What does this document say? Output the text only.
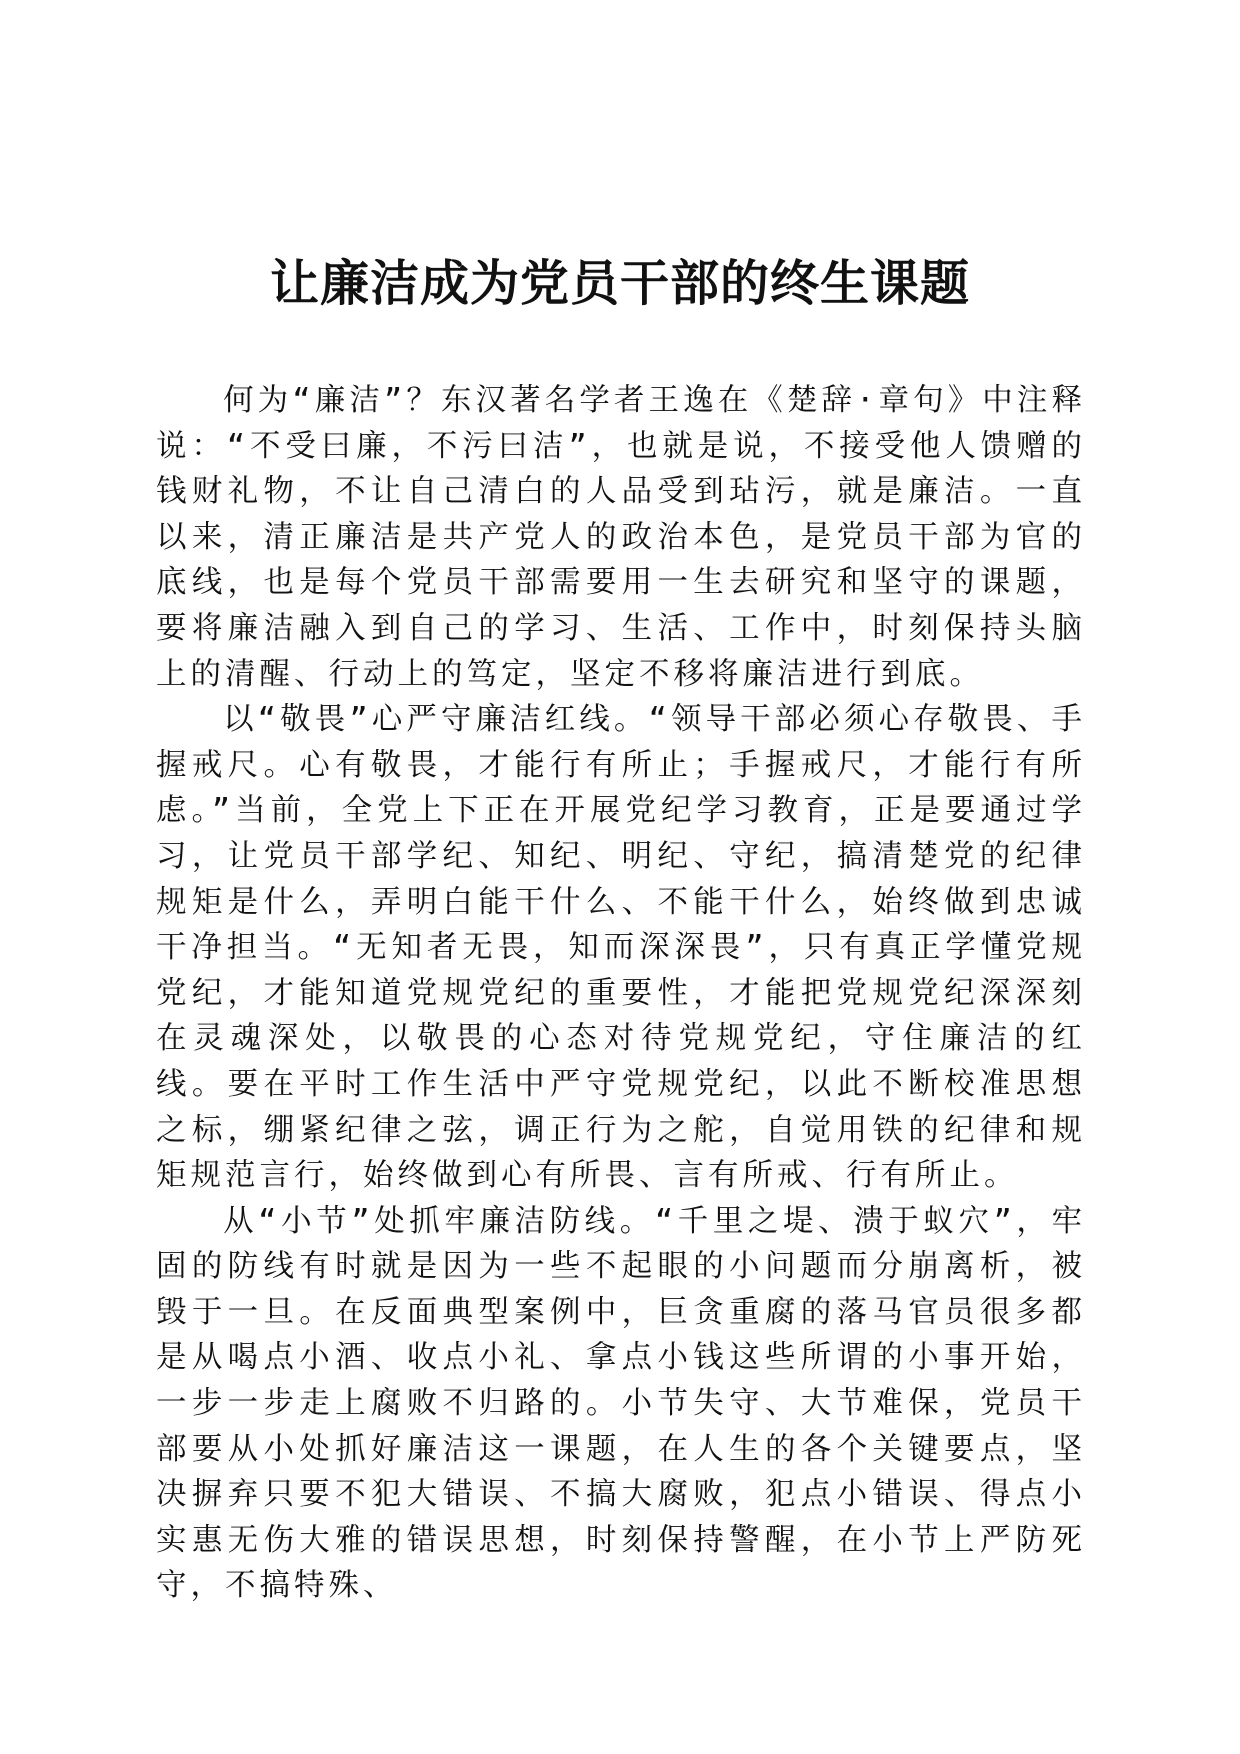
让廉洁成为党员干部的终生课题

何为“廉洁”？东汉著名学者王逸在《楚辞·章句》中注释说：“不受曰廉，不污曰洁”，也就是说，不接受他人馈赠的钱财礼物，不让自己清白的人品受到玷污，就是廉洁。一直以来，清正廉洁是共产党人的政治本色，是党员干部为官的底线，也是每个党员干部需要用一生去研究和坚守的课题，要将廉洁融入到自己的学习、生活、工作中，时刻保持头脑上的清醒、行动上的笃定，坚定不移将廉洁进行到底。

以“敬畏”心严守廉洁红线。“领导干部必须心存敬畏、手握戒尺。心有敬畏，才能行有所止；手握戒尺，才能行有所虑。”当前，全党上下正在开展党纪学习教育，正是要通过学习，让党员干部学纪、知纪、明纪、守纪，搞清楚党的纪律规矩是什么，弄明白能干什么、不能干什么，始终做到忠诚干净担当。“无知者无畏，知而深深畏”，只有真正学懂党规党纪，才能知道党规党纪的重要性，才能把党规党纪深深刻在灵魂深处，以敬畏的心态对待党规党纪，守住廉洁的红线。要在平时工作生活中严守党规党纪，以此不断校准思想之标，绷紧纪律之弦，调正行为之舵，自觉用铁的纪律和规矩规范言行，始终做到心有所畏、言有所戒、行有所止。

从“小节”处抓牢廉洁防线。“千里之堤、溃于蚁穴”，牢固的防线有时就是因为一些不起眼的小问题而分崩离析，被毁于一旦。在反面典型案例中，巨贪重腐的落马官员很多都是从喝点小酒、收点小礼、拿点小钱这些所谓的小事开始，一步一步走上腐败不归路的。小节失守、大节难保，党员干部要从小处抓好廉洁这一课题，在人生的各个关键要点，坚决摒弃只要不犯大错误、不搞大腐败，犯点小错误、得点小实惠无伤大雅的错误思想，时刻保持警醒，在小节上严防死守，不搞特殊、
